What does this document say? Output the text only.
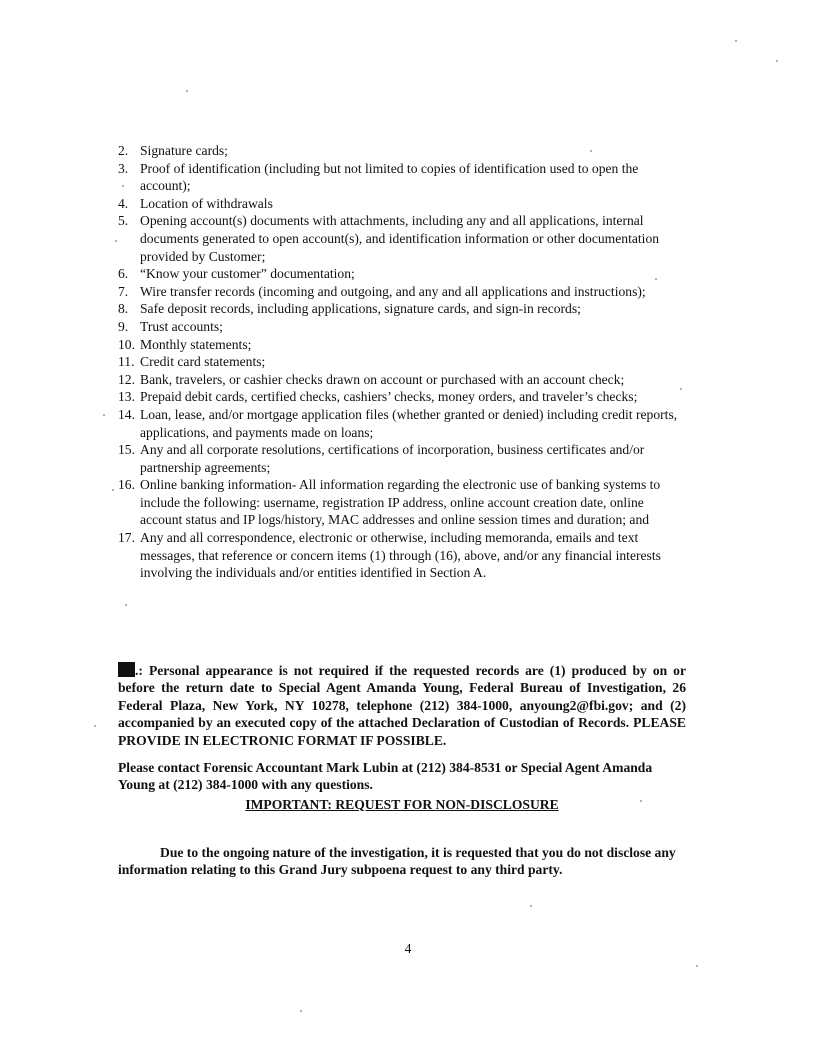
2. Signature cards;
3. Proof of identification (including but not limited to copies of identification used to open the account);
4. Location of withdrawals
5. Opening account(s) documents with attachments, including any and all applications, internal documents generated to open account(s), and identification information or other documentation provided by Customer;
6. “Know your customer” documentation;
7. Wire transfer records (incoming and outgoing, and any and all applications and instructions);
8. Safe deposit records, including applications, signature cards, and sign-in records;
9. Trust accounts;
10. Monthly statements;
11. Credit card statements;
12. Bank, travelers, or cashier checks drawn on account or purchased with an account check;
13. Prepaid debit cards, certified checks, cashiers’ checks, money orders, and traveler’s checks;
14. Loan, lease, and/or mortgage application files (whether granted or denied) including credit reports, applications, and payments made on loans;
15. Any and all corporate resolutions, certifications of incorporation, business certificates and/or partnership agreements;
16. Online banking information- All information regarding the electronic use of banking systems to include the following: username, registration IP address, online account creation date, online account status and IP logs/history, MAC addresses and online session times and duration; and
17. Any and all correspondence, electronic or otherwise, including memoranda, emails and text messages, that reference or concern items (1) through (16), above, and/or any financial interests involving the individuals and/or entities identified in Section A.

.: Personal appearance is not required if the requested records are (1) produced by on or before the return date to Special Agent Amanda Young, Federal Bureau of Investigation, 26 Federal Plaza, New York, NY 10278, telephone (212) 384-1000, anyoung2@fbi.gov; and (2) accompanied by an executed copy of the attached Declaration of Custodian of Records. PLEASE PROVIDE IN ELECTRONIC FORMAT IF POSSIBLE.

Please contact Forensic Accountant Mark Lubin at (212) 384-8531 or Special Agent Amanda Young at (212) 384-1000 with any questions.

IMPORTANT: REQUEST FOR NON-DISCLOSURE

Due to the ongoing nature of the investigation, it is requested that you do not disclose any information relating to this Grand Jury subpoena request to any third party.

4
